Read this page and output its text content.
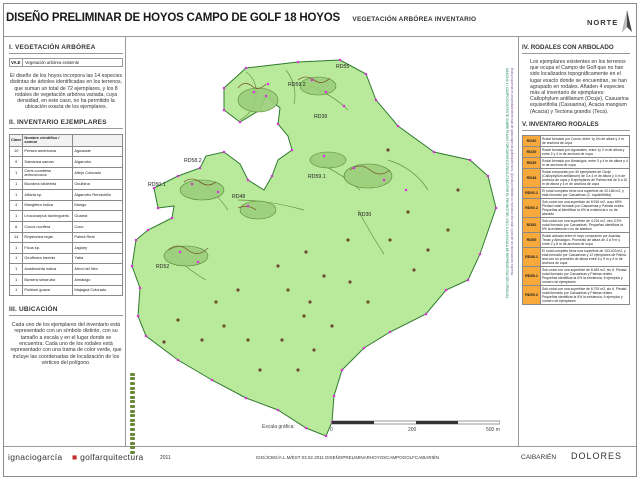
DISEÑO PRELIMINAR DE HOYOS CAMPO DE GOLF 18 HOYOS VEGETACIÓN ARBÓREA INVENTARIO	NORTE
I. VEGETACIÓN ARBÓREA
VA.E	Vegetación arbórea existente
El diseño de los hoyos incorpora las 14 especies distintas de árboles identificadas en los terrenos, que suman un total de 72 ejemplares, y los 8 rodales de vegetación arbórea variada, cuya densidad, en este caso, no ha permitido la ubicación exacta de los ejemplares.
II. INVENTARIO EJEMPLARES
Clave	Nombre científico / común	
10	Persea americana	Aguacate
9	Samanea saman	Algarrobo
1	Ceris countless arrinconozos	Alfejo Colorado
1	Bucidma idiolebria	Ocuibina
1	Albizia sp.	Algarrobo Rendorrillo
4	Mangifera indica	Mango
1	Leucocarpus domingueris	Guama
6	Cocos nucifera	Coco
14	Roystonea regia	Palma Real
1	Ficus sp.	Jagüey
1	Geoffroea inermis	Yaba
1	Azadirachta indica	Árbol del Nim
1	Bursera simaruba	Almácigo
1	Psidium guava	Majagua Colorado
III. UBICACIÓN
Cada uno de los ejemplares del inventario está representado con un símbolo distinto, con su tamaño a escala y en el lugar donde se encuentra. Cada uno de los rodales está representado con una trama de color verde, que incluye las coordenadas de localización de los vértices del polígono.
RD55
RD59.2
RD39
RD58.2
RD50.1
RD48
RD59.1
RD30
RD52
Escala gráfica:	0	200	500 m
Esta propuesta es propiedad intelectual de ignaciogarcía golfarquitectura. Queda prohibida su reproducción total o parcial sin autorización expresa.
MANCHA 1 | CAMPO EXISTENTE SOBRE PLANO TOPOGRÁFICO FACILITADO POR EL PROMOTOR, 2010, A LA ESCALA DE REPRESENTACIÓN ORIGINAL
IV. RODALES CON ARBOLADO
Los ejemplares existentes en los terrenos que ocupa el Campo de Golf que no han sido localizados topográficamente en el lugar exacto donde se encuentran, se han agrupado en rodales. Añaden 4 especies más al inventario de ejemplares: Callophylum antillanum (Ocuje), Casuarina equisetifolia (Casuarina), Acacia mangium (Acacia) y Tectona grandis (Teca).
V. INVENTARIO RODALES
RD30	Rodal formado por Cocos, entre 1y 2m de altura y 4 m de anchura de copa
RD39	Rodal formado por Aguacates, entre 1y 3 m de altura y entre 2 y 4 m de anchura de copa
RD39	Rodal formado por Almácigos, entre 3 y 4 m de altura y 4 m de anchura de copa
RD48	Rodal compuesto por 30 ejemplares de Ocuje (Callophyllum antillanum) de 3 a 4 m de altura y 4 m de anchura de copa y 8 ejemplares de Palma real de 6 a 10 m de altura y 4 m de anchura de copa
RD50.1	El rodal completo tiene una superficie de 20.168 m2, y está formado por Casuarinas (C. equisetifolia)
RD50.2	Sub-rodal con una superficie de 8.916 m2, cuyo 65% Piedad rodal formado por Casuarinas y Palmas reales. Pequeñas al identificar la 6% la existencia o no de abedulo
RD52	Sub-rodal con una superficie de 4.216 m2, otro 3,3% rodal formado por Casuarinas. Pequeñas identificar la 6% la existencia o no de abedulo
RD55	Rodal ubicado entre el hoyo compuesto por Acacias, Tecas y Almácigos. Promedio de altura de 3 a 9 m y entre 2 y 8 m de anchura de copa
RD58.1	El rodal completo tiene una superficie de 103.403 m2, y está formado por Casuarinas y 12 ejemplares de Palma real con un promedio de altura entre 6 y 9 m y 4 m de anchura de copa
RD58.1	Sub-rodal con una superficie de 8.483 m2, sin 6. Piedad rodal formado por Casuarinas y Palmas reales. Pequeñas identificar la 6% la existencia, 6 ejemplos y número de ejemplares
RD59.2	Sub-rodal con una superficie de 8.793 m2, sin 6. Piedad rodal formado por Casuarinas y Palmas reales. Pequeñas identificar la 6% la existencia, 6 ejemplos y número de ejemplares
ignaciogarcía ■ golfarquitectura	2011	IGG/JCBG/A.L.M/EST 03.02.2011 DISEÑOPRELIMINARHOYOSCAMPOGOLFCAIBARIÉN	CAIBARIÉN DOLORES
